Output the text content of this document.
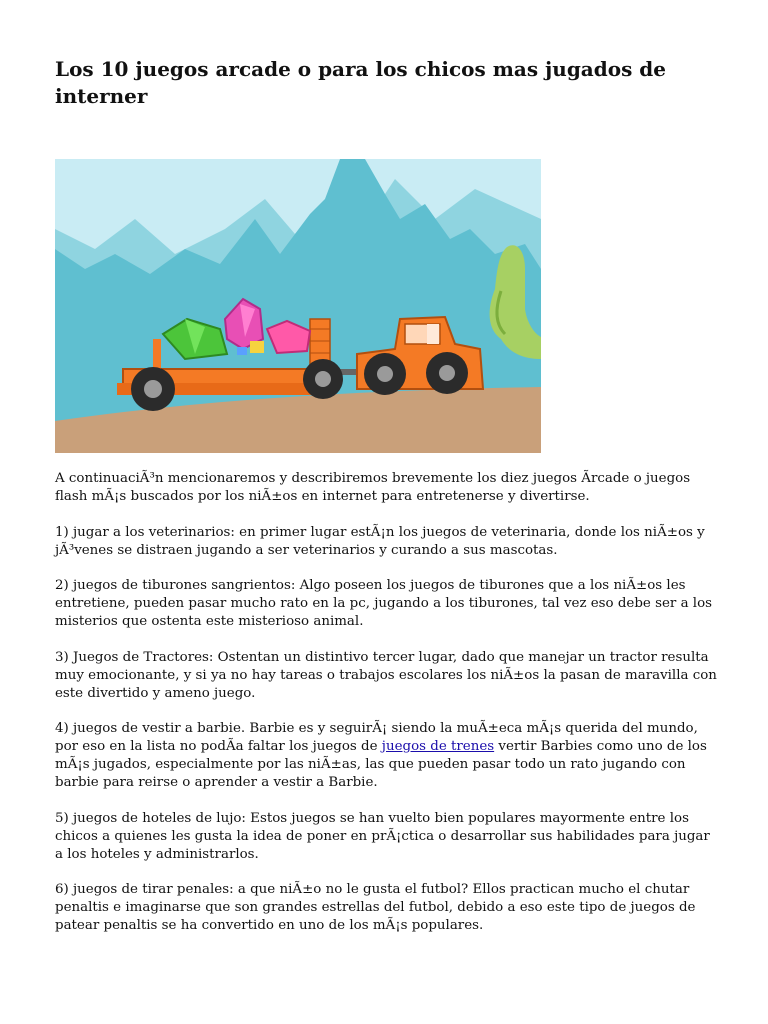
Los 10 juegos arcade o para los chicos mas jugados de interner

A continuaciÃ³n mencionaremos y describiremos brevemente los diez juegos Ãrcade o juegos flash mÃ¡s buscados por los niÃ±os en internet para entretenerse y divertirse.

1) jugar a los veterinarios: en primer lugar estÃ¡n los juegos de veterinaria, donde los niÃ±os y jÃ³venes se distraen jugando a ser veterinarios y curando a sus mascotas.

2) juegos de tiburones sangrientos: Algo poseen los juegos de tiburones que a los niÃ±os les entretiene, pueden pasar mucho rato en la pc, jugando a los tiburones, tal vez eso debe ser a los misterios que ostenta este misterioso animal.

3) Juegos de Tractores: Ostentan un distintivo tercer lugar, dado que manejar un tractor resulta muy emocionante, y si ya no hay tareas o trabajos escolares los niÃ±os la pasan de maravilla con este divertido y ameno juego.

4) juegos de vestir a barbie. Barbie es y seguirÃ¡ siendo la muÃ±eca mÃ¡s querida del mundo, por eso en la lista no podÃa faltar los juegos de juegos de trenes vertir Barbies como uno de los mÃ¡s jugados, especialmente por las niÃ±as, las que pueden pasar todo un rato jugando con barbie para reirse o aprender a vestir a Barbie.

5) juegos de hoteles de lujo: Estos juegos se han vuelto bien populares mayormente entre los chicos a quienes les gusta la idea de poner en prÃ¡ctica o desarrollar sus habilidades para jugar a los hoteles y administrarlos.

6) juegos de tirar penales: a que niÃ±o no le gusta el futbol? Ellos practican mucho el chutar penaltis e imaginarse que son grandes estrellas del futbol, debido a eso este tipo de juegos de patear penaltis se ha convertido en uno de los mÃ¡s populares.
